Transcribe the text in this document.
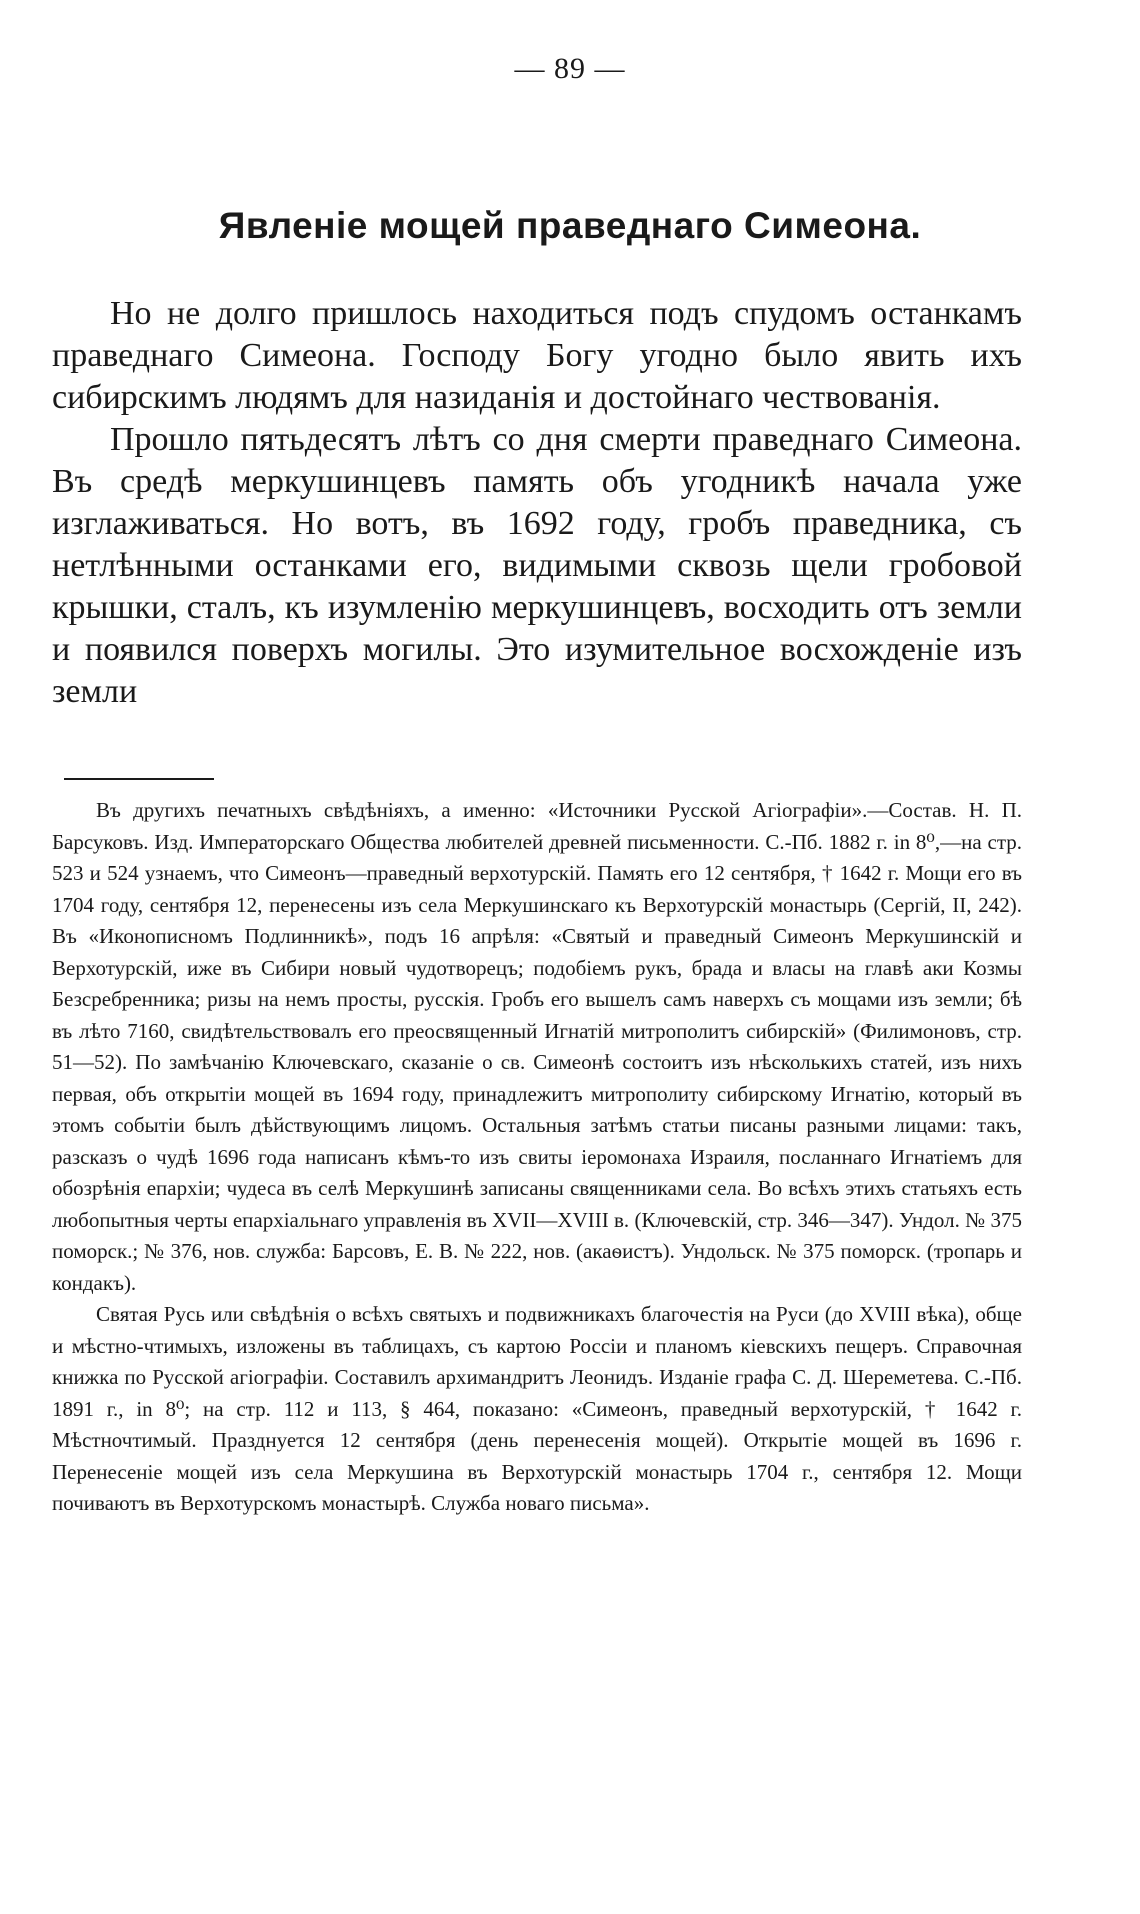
— 89 —
Явленіе мощей праведнаго Симеона.

Но не долго пришлось находиться подъ спудомъ останкамъ праведнаго Симеона. Господу Богу угодно было явить ихъ сибирскимъ людямъ для назиданія и достойнаго чествованія.

Прошло пятьдесятъ лѣтъ со дня смерти праведнаго Симеона. Въ средѣ меркушинцевъ память объ угодникѣ начала уже изглаживаться. Но вотъ, въ 1692 году, гробъ праведника, съ нетлѣнными останками его, видимыми сквозь щели гробовой крышки, сталъ, къ изумленію меркушинцевъ, восходить отъ земли и появился поверхъ могилы. Это изумительное восхожденіе изъ земли

Въ другихъ печатныхъ свѣдѣніяхъ, а именно: «Источники Русской Агіографіи».—Состав. Н. П. Барсуковъ. Изд. Императорскаго Общества любителей древней письменности. С.-Пб. 1882 г. in 8⁰,—на стр. 523 и 524 узнаемъ, что Симеонъ—праведный верхотурскій. Память его 12 сентября, † 1642 г. Мощи его въ 1704 году, сентября 12, перенесены изъ села Меркушинскаго къ Верхотурскій монастырь (Сергій, II, 242). Въ «Иконописномъ Подлинникѣ», подъ 16 апрѣля: «Святый и праведный Симеонъ Меркушинскій и Верхотурскій, иже въ Сибири новый чудотворецъ; подобіемъ рукъ, брада и власы на главѣ аки Козмы Безсребренника; ризы на немъ просты, русскія. Гробъ его вышелъ самъ наверхъ съ мощами изъ земли; бѣ въ лѣто 7160, свидѣтельствовалъ его преосвященный Игнатій митрополитъ сибирскій» (Филимоновъ, стр. 51—52). По замѣчанію Ключевскаго, сказаніе о св. Симеонѣ состоитъ изъ нѣсколькихъ статей, изъ нихъ первая, объ открытіи мощей въ 1694 году, принадлежитъ митрополиту сибирскому Игнатію, который въ этомъ событіи былъ дѣйствующимъ лицомъ. Остальныя затѣмъ статьи писаны разными лицами: такъ, разсказъ о чудѣ 1696 года написанъ кѣмъ-то изъ свиты іеромонаха Израиля, посланнаго Игнатіемъ для обозрѣнія епархіи; чудеса въ селѣ Меркушинѣ записаны священниками села. Во всѣхъ этихъ статьяхъ есть любопытныя черты епархіальнаго управленія въ XVII—XVIII в. (Ключевскій, стр. 346—347). Ундол. № 375 поморск.; № 376, нов. служба: Барсовъ, Е. В. № 222, нов. (акаѳистъ). Ундольск. № 375 поморск. (тропарь и кондакъ).

Святая Русь или свѣдѣнія о всѣхъ святыхъ и подвижникахъ благочестія на Руси (до XVIII вѣка), обще и мѣстно-чтимыхъ, изложены въ таблицахъ, съ картою Россіи и планомъ кіевскихъ пещеръ. Справочная книжка по Русской агіографіи. Составилъ архимандритъ Леонидъ. Изданіе графа С. Д. Шереметева. С.-Пб. 1891 г., in 8⁰; на стр. 112 и 113, § 464, показано: «Симеонъ, праведный верхотурскій, † 1642 г. Мѣстночтимый. Празднуется 12 сентября (день перенесенія мощей). Открытіе мощей въ 1696 г. Перенесеніе мощей изъ села Меркушина въ Верхотурскій монастырь 1704 г., сентября 12. Мощи почиваютъ въ Верхотурскомъ монастырѣ. Служба новаго письма».
